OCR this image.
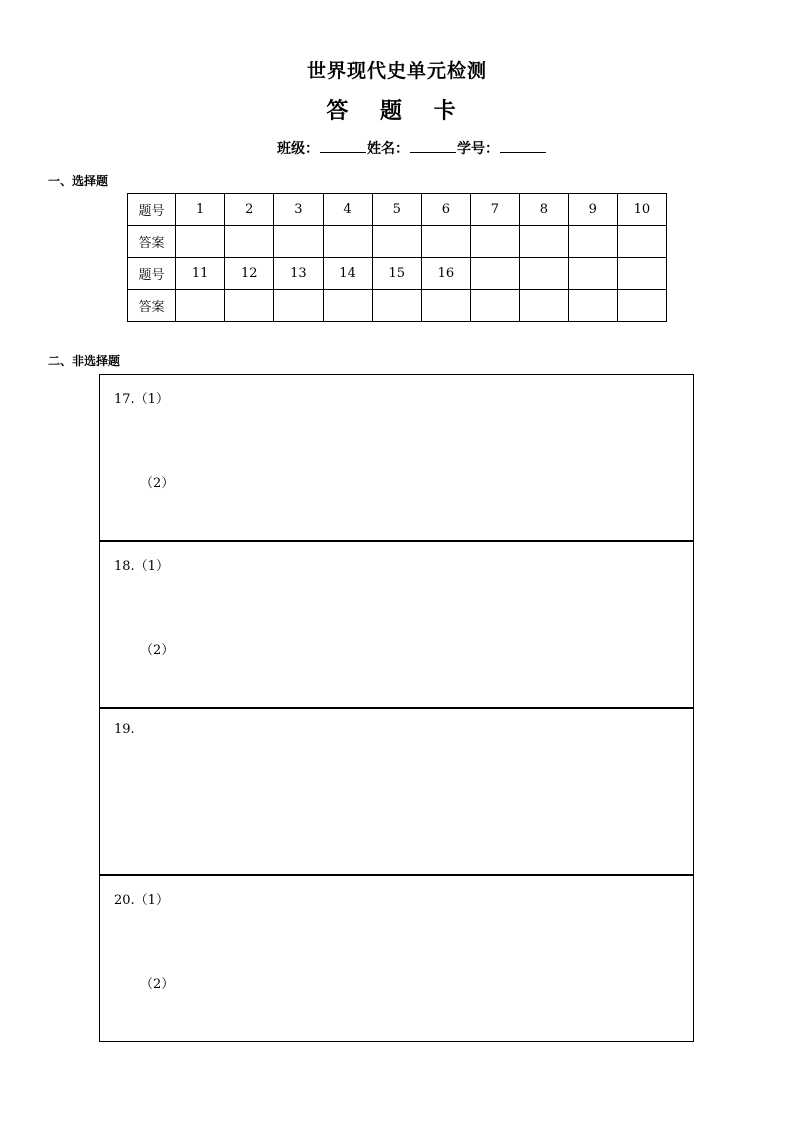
世界现代史单元检测
答 题 卡
班级：	姓名：	学号：
一、选择题
题号	1	2	3	4	5	6	7	8	9	10
答案										
题号	11	12	13	14	15	16				
答案										
二、非选择题
17.（1）
（2）
18.（1）
（2）
19.
20.（1）
（2）
